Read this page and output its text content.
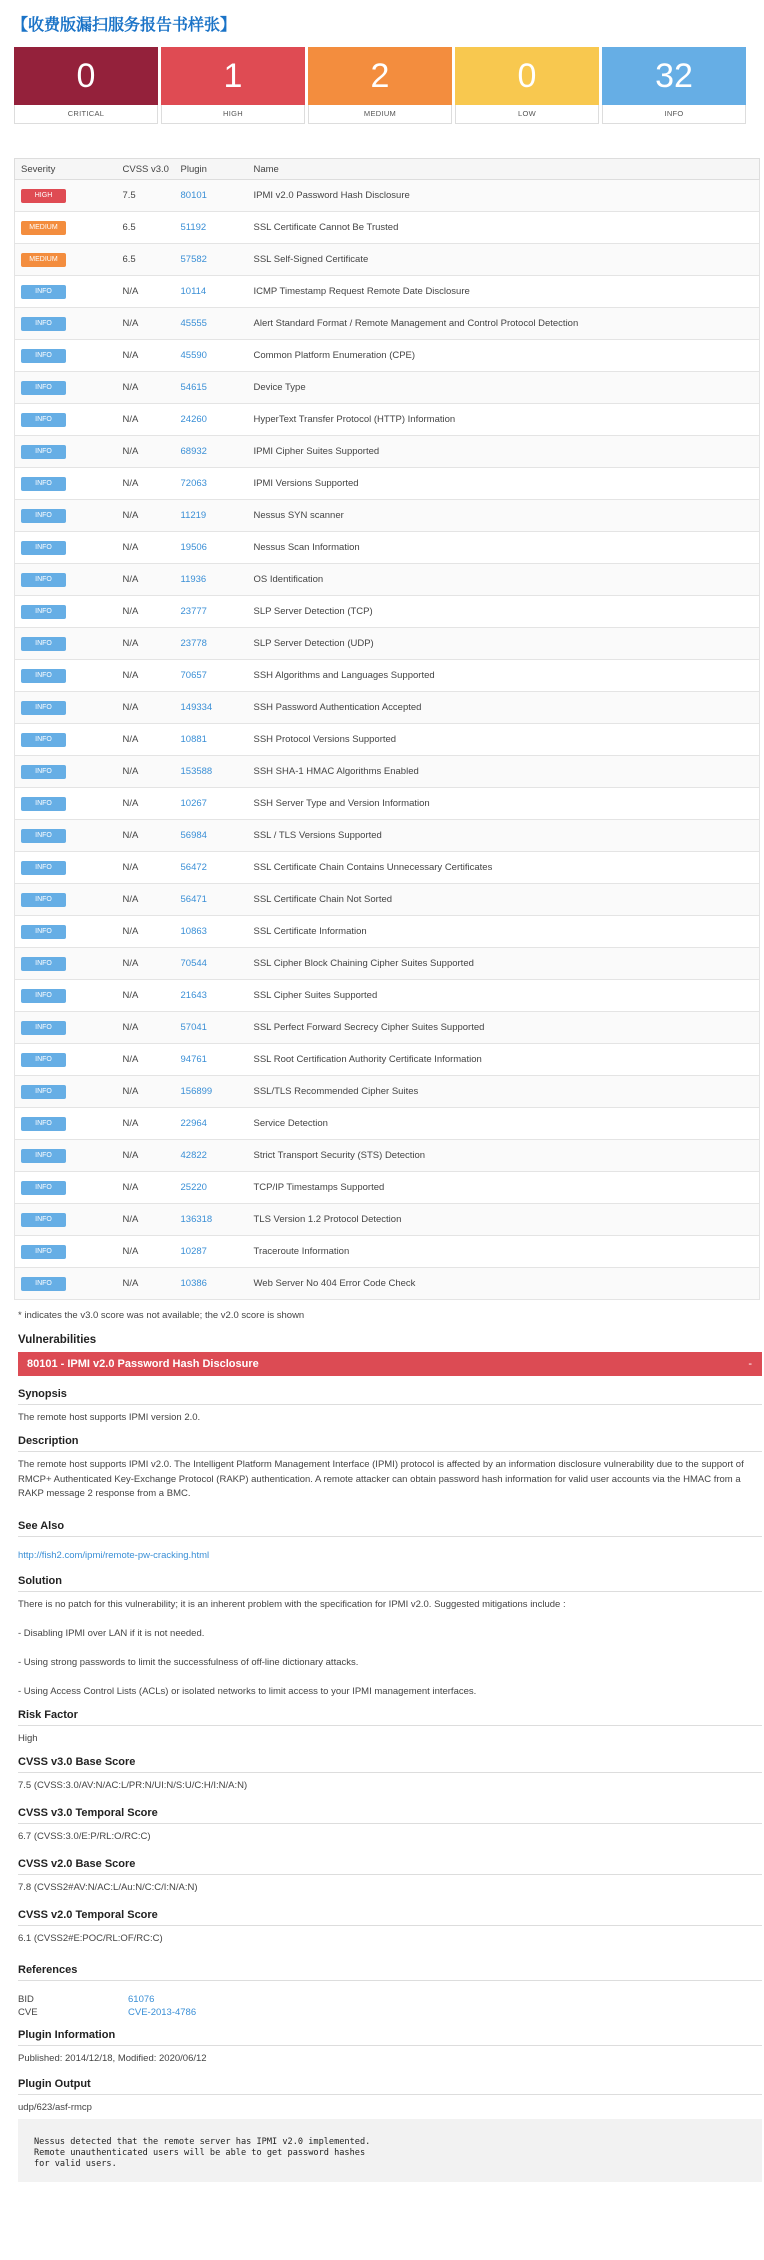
【收费版漏扫服务报告书样张】
0
CRITICAL
1
HIGH
2
MEDIUM
0
LOW
32
INFO
Severity	CVSS v3.0	Plugin	Name
HIGH	7.5	80101	IPMI v2.0 Password Hash Disclosure
MEDIUM	6.5	51192	SSL Certificate Cannot Be Trusted
MEDIUM	6.5	57582	SSL Self-Signed Certificate
INFO	N/A	10114	ICMP Timestamp Request Remote Date Disclosure
INFO	N/A	45555	Alert Standard Format / Remote Management and Control Protocol Detection
INFO	N/A	45590	Common Platform Enumeration (CPE)
INFO	N/A	54615	Device Type
INFO	N/A	24260	HyperText Transfer Protocol (HTTP) Information
INFO	N/A	68932	IPMI Cipher Suites Supported
INFO	N/A	72063	IPMI Versions Supported
INFO	N/A	11219	Nessus SYN scanner
INFO	N/A	19506	Nessus Scan Information
INFO	N/A	11936	OS Identification
INFO	N/A	23777	SLP Server Detection (TCP)
INFO	N/A	23778	SLP Server Detection (UDP)
INFO	N/A	70657	SSH Algorithms and Languages Supported
INFO	N/A	149334	SSH Password Authentication Accepted
INFO	N/A	10881	SSH Protocol Versions Supported
INFO	N/A	153588	SSH SHA-1 HMAC Algorithms Enabled
INFO	N/A	10267	SSH Server Type and Version Information
INFO	N/A	56984	SSL / TLS Versions Supported
INFO	N/A	56472	SSL Certificate Chain Contains Unnecessary Certificates
INFO	N/A	56471	SSL Certificate Chain Not Sorted
INFO	N/A	10863	SSL Certificate Information
INFO	N/A	70544	SSL Cipher Block Chaining Cipher Suites Supported
INFO	N/A	21643	SSL Cipher Suites Supported
INFO	N/A	57041	SSL Perfect Forward Secrecy Cipher Suites Supported
INFO	N/A	94761	SSL Root Certification Authority Certificate Information
INFO	N/A	156899	SSL/TLS Recommended Cipher Suites
INFO	N/A	22964	Service Detection
INFO	N/A	42822	Strict Transport Security (STS) Detection
INFO	N/A	25220	TCP/IP Timestamps Supported
INFO	N/A	136318	TLS Version 1.2 Protocol Detection
INFO	N/A	10287	Traceroute Information
INFO	N/A	10386	Web Server No 404 Error Code Check
* indicates the v3.0 score was not available; the v2.0 score is shown
Vulnerabilities
80101 - IPMI v2.0 Password Hash Disclosure	-
Synopsis
The remote host supports IPMI version 2.0.
Description
The remote host supports IPMI v2.0. The Intelligent Platform Management Interface (IPMI) protocol is affected by an information disclosure vulnerability due to the support of RMCP+ Authenticated Key-Exchange Protocol (RAKP) authentication. A remote attacker can obtain password hash information for valid user accounts via the HMAC from a RAKP message 2 response from a BMC.
See Also
http://fish2.com/ipmi/remote-pw-cracking.html
Solution
There is no patch for this vulnerability; it is an inherent problem with the specification for IPMI v2.0. Suggested mitigations include :
- Disabling IPMI over LAN if it is not needed.
- Using strong passwords to limit the successfulness of off-line dictionary attacks.
- Using Access Control Lists (ACLs) or isolated networks to limit access to your IPMI management interfaces.
Risk Factor
High
CVSS v3.0 Base Score
7.5 (CVSS:3.0/AV:N/AC:L/PR:N/UI:N/S:U/C:H/I:N/A:N)
CVSS v3.0 Temporal Score
6.7 (CVSS:3.0/E:P/RL:O/RC:C)
CVSS v2.0 Base Score
7.8 (CVSS2#AV:N/AC:L/Au:N/C:C/I:N/A:N)
CVSS v2.0 Temporal Score
6.1 (CVSS2#E:POC/RL:OF/RC:C)
References
BID	61076
CVE	CVE-2013-4786
Plugin Information
Published: 2014/12/18, Modified: 2020/06/12
Plugin Output
udp/623/asf-rmcp
Nessus detected that the remote server has IPMI v2.0 implemented.
Remote unauthenticated users will be able to get password hashes
for valid users.
